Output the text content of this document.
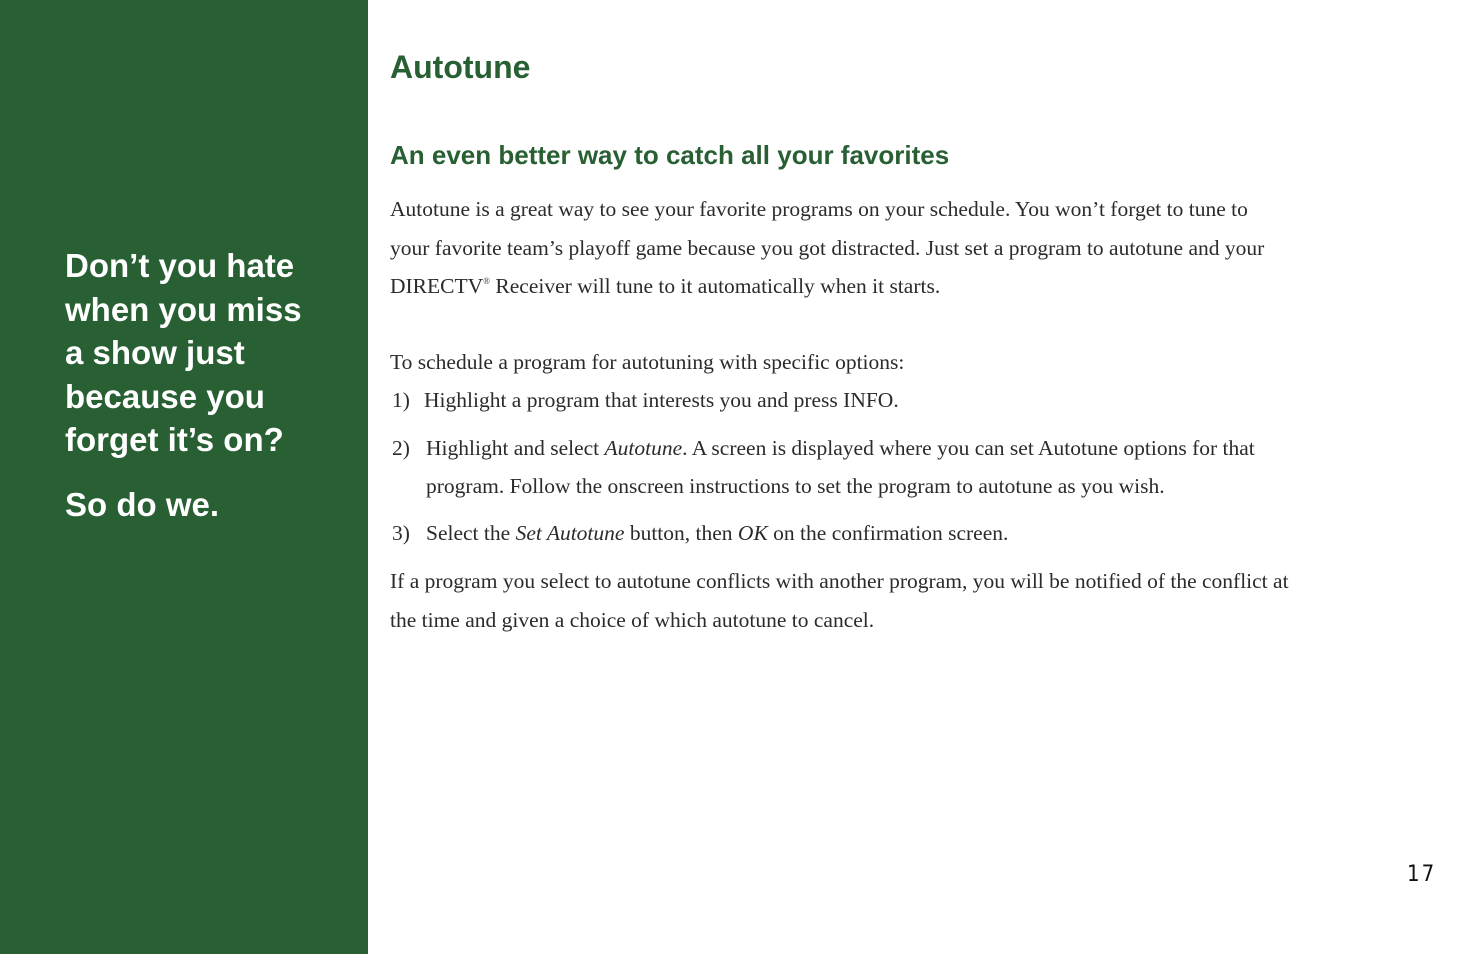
Don’t you hate
when you miss
a show just
because you
forget it’s on?
So do we.
Autotune
An even better way to catch all your favorites

Autotune is a great way to see your favorite programs on your schedule. You won’t forget to tune to
your favorite team’s playoff game because you got distracted. Just set a program to autotune and your
DIRECTV® Receiver will tune to it automatically when it starts.

To schedule a program for autotuning with specific options:

1) Highlight a program that interests you and press INFO.
2) Highlight and select Autotune. A screen is displayed where you can set Autotune options for that
program. Follow the onscreen instructions to set the program to autotune as you wish.
3) Select the Set Autotune button, then OK on the confirmation screen.

If a program you select to autotune conflicts with another program, you will be notified of the conflict at
the time and given a choice of which autotune to cancel.

17
